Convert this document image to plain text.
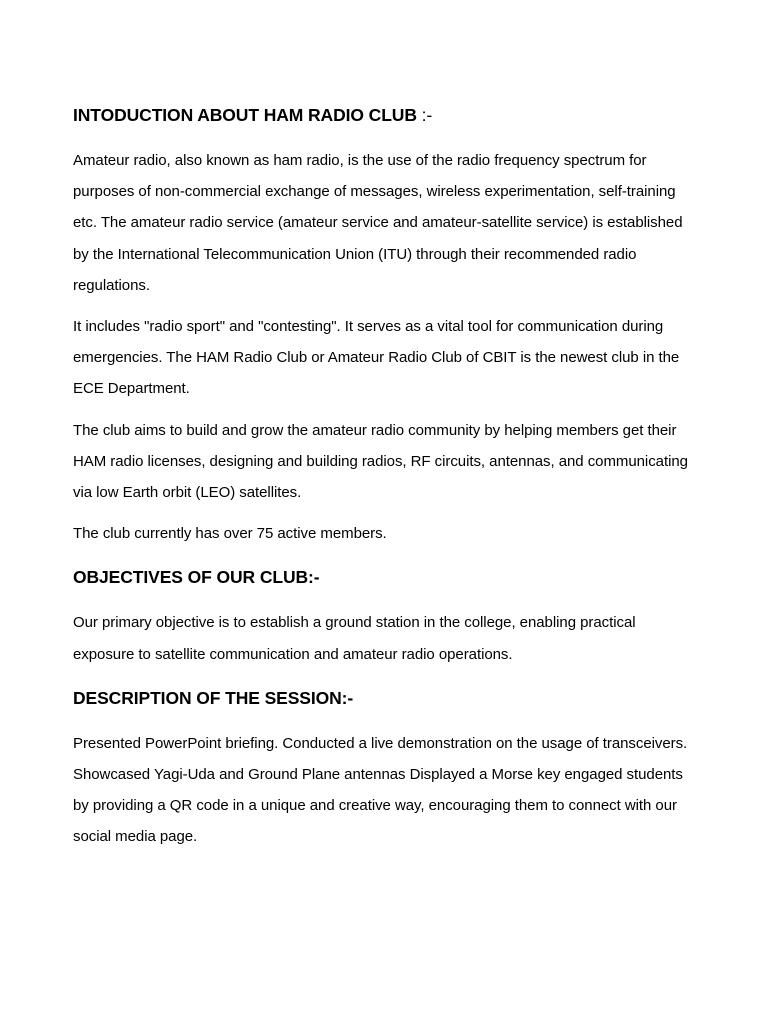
INTODUCTION ABOUT HAM RADIO CLUB :-

Amateur radio, also known as ham radio, is the use of the radio frequency spectrum for purposes of non-commercial exchange of messages, wireless experimentation, self-training etc. The amateur radio service (amateur service and amateur-satellite service) is established by the International Telecommunication Union (ITU) through their recommended radio regulations.

It includes "radio sport" and "contesting". It serves as a vital tool for communication during emergencies. The HAM Radio Club or Amateur Radio Club of CBIT is the newest club in the ECE Department.

The club aims to build and grow the amateur radio community by helping members get their HAM radio licenses, designing and building radios, RF circuits, antennas, and communicating via low Earth orbit (LEO) satellites.

The club currently has over 75 active members.

OBJECTIVES OF OUR CLUB:-

Our primary objective is to establish a ground station in the college, enabling practical exposure to satellite communication and amateur radio operations.

DESCRIPTION OF THE SESSION:-

Presented PowerPoint briefing. Conducted a live demonstration on the usage of transceivers. Showcased Yagi-Uda and Ground Plane antennas Displayed a Morse key engaged students by providing a QR code in a unique and creative way, encouraging them to connect with our social media page.
